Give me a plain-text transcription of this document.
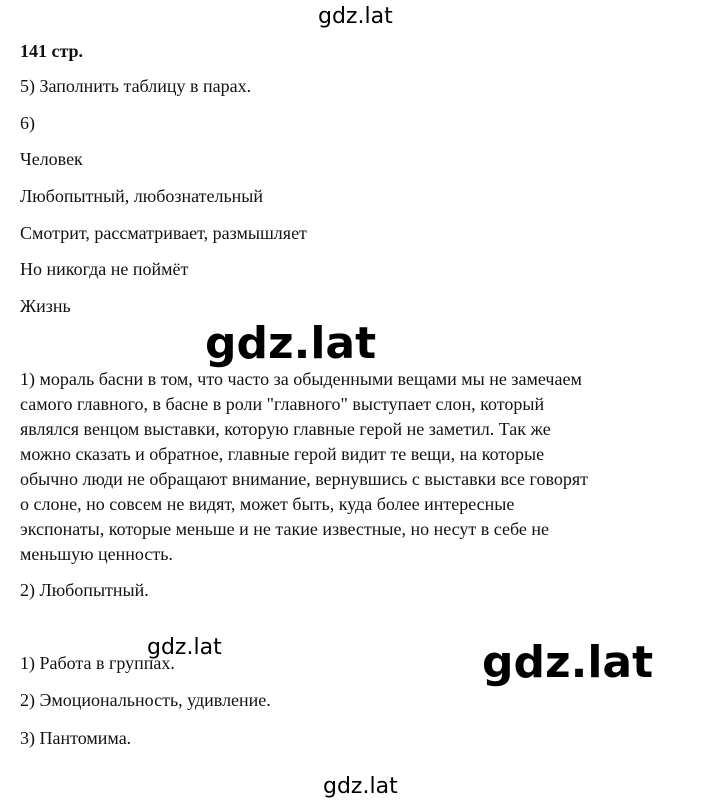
gdz.lat
gdz.lat
gdz.lat	gdz.lat
gdz.lat
141 стр.
5) Заполнить таблицу в парах.
6)
Человек
Любопытный, любознательный
Смотрит, рассматривает, размышляет
Но никогда не поймёт
Жизнь
1) мораль басни в том, что часто за обыденными вещами мы не замечаем
самого главного, в басне в роли "главного" выступает слон, который
являлся венцом выставки, которую главные герой не заметил. Так же
можно сказать и обратное, главные герой видит те вещи, на которые
обычно люди не обращают внимание, вернувшись с выставки все говорят
о слоне, но совсем не видят, может быть, куда более интересные
экспонаты, которые меньше и не такие известные, но несут в себе не
меньшую ценность.
2) Любопытный.
1) Работа в группах.
2) Эмоциональность, удивление.
3) Пантомима.
